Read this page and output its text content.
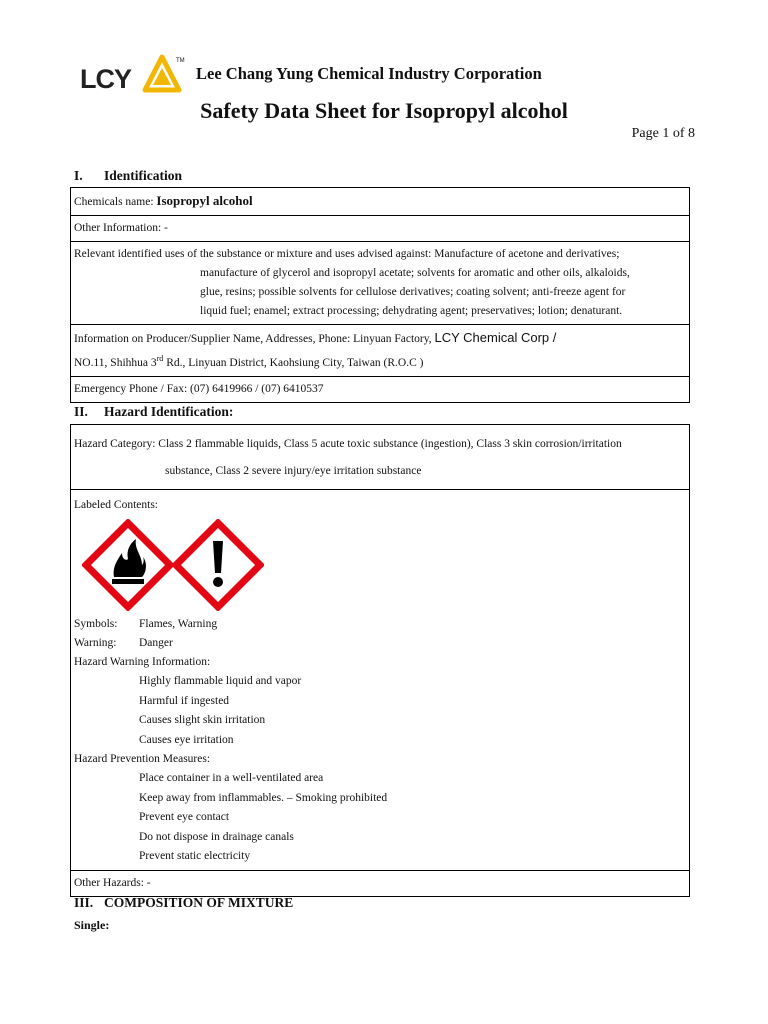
LCY
TM
Lee Chang Yung Chemical Industry Corporation
Safety Data Sheet for Isopropyl alcohol
Page 1 of 8
I. Identification
Chemicals name: Isopropyl alcohol
Other Information: -

Relevant identified uses of the substance or mixture and uses advised against: Manufacture of acetone and derivatives;
manufacture of glycerol and isopropyl acetate; solvents for aromatic and other oils, alkaloids,
glue, resins; possible solvents for cellulose derivatives; coating solvent; anti-freeze agent for
liquid fuel; enamel; extract processing; dehydrating agent; preservatives; lotion; denaturant.

Information on Producer/Supplier Name, Addresses, Phone: Linyuan Factory, LCY Chemical Corp /
NO.11, Shihhua 3rd Rd., Linyuan District, Kaohsiung City, Taiwan (R.O.C )

Emergency Phone / Fax: (07) 6419966 / (07) 6410537
II. Hazard Identification:
Hazard Category: Class 2 flammable liquids, Class 5 acute toxic substance (ingestion), Class 3 skin corrosion/irritation
substance, Class 2 severe injury/eye irritation substance

Labeled Contents:
Symbols:	Flames, Warning
Warning:	Danger
Hazard Warning Information:
Highly flammable liquid and vapor
Harmful if ingested
Causes slight skin irritation
Causes eye irritation
Hazard Prevention Measures:
Place container in a well-ventilated area
Keep away from inflammables. – Smoking prohibited
Prevent eye contact
Do not dispose in drainage canals
Prevent static electricity

Other Hazards: -
III. COMPOSITION OF MIXTURE
Single:
